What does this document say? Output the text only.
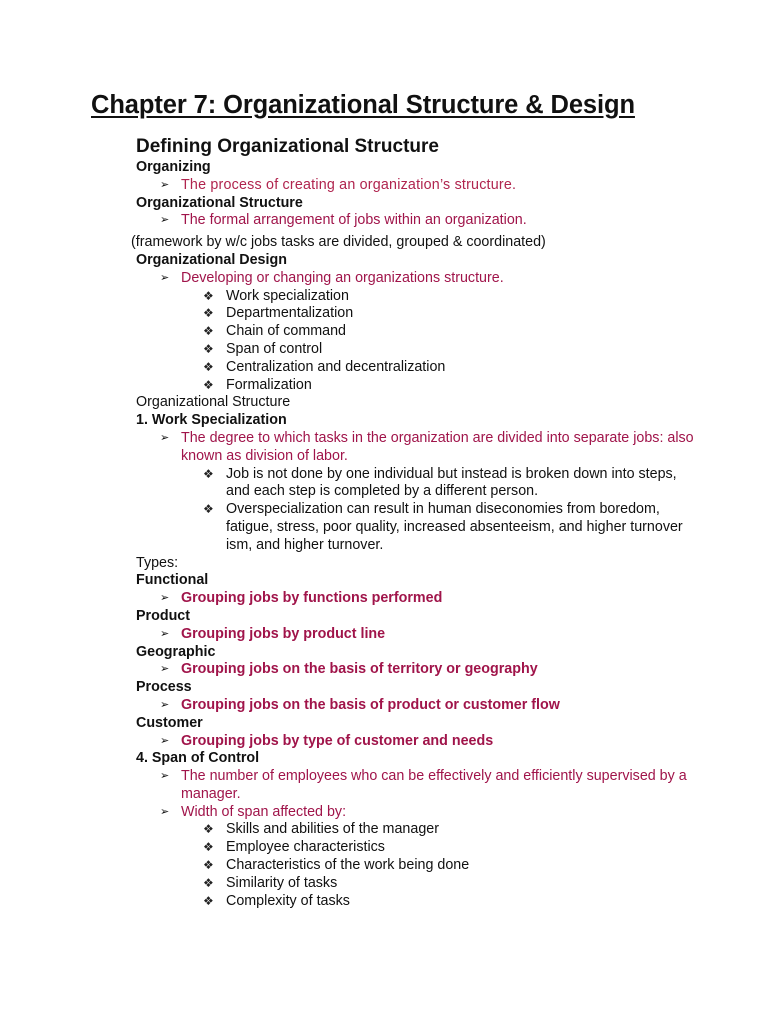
Chapter 7: Organizational Structure & Design
Defining Organizational Structure
Organizing
➢ The process of creating an organization’s structure.
Organizational Structure
➢ The formal arrangement of jobs within an organization.
(framework by w/c jobs tasks are divided, grouped & coordinated)
Organizational Design
➢ Developing or changing an organizations structure.
❖ Work specialization
❖ Departmentalization
❖ Chain of command
❖ Span of control
❖ Centralization and decentralization
❖ Formalization
Organizational Structure
1. Work Specialization
➢ The degree to which tasks in the organization are divided into separate jobs: also known as division of labor.
❖ Job is not done by one individual but instead is broken down into steps, and each step is completed by a different person.
❖ Overspecialization can result in human diseconomies from boredom, fatigue, stress, poor quality, increased absenteeism, and higher turnover ism, and higher turnover.
Types:
Functional
➢ Grouping jobs by functions performed
Product
➢ Grouping jobs by product line
Geographic
➢ Grouping jobs on the basis of territory or geography
Process
➢ Grouping jobs on the basis of product or customer flow
Customer
➢ Grouping jobs by type of customer and needs
4. Span of Control
➢ The number of employees who can be effectively and efficiently supervised by a manager.
➢ Width of span affected by:
❖ Skills and abilities of the manager
❖ Employee characteristics
❖ Characteristics of the work being done
❖ Similarity of tasks
❖ Complexity of tasks
